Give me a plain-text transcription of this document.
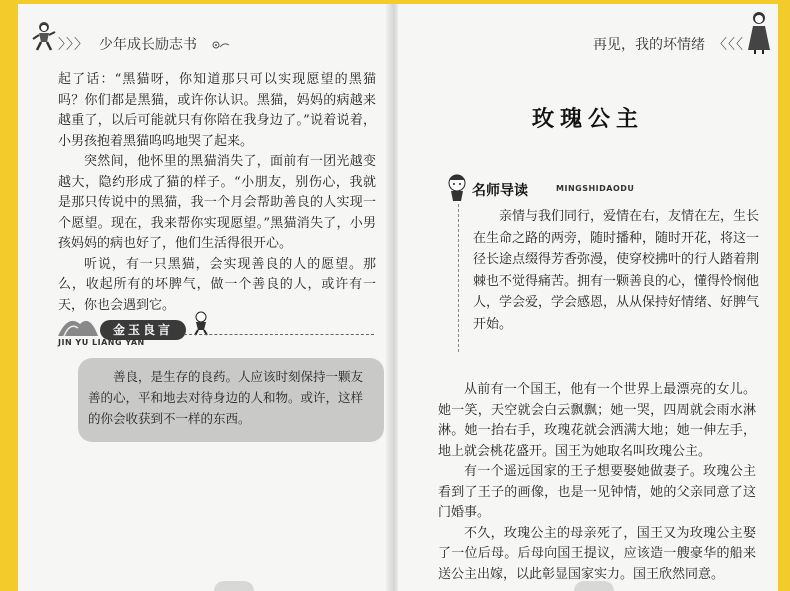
〉〉〉 少年成长励志书

起了话：“黑猫呀，你知道那只可以实现愿望的黑猫吗？你们都是黑猫，或许你认识。黑猫，妈妈的病越来越重了，以后可能就只有你陪在我身边了。”说着说着，小男孩抱着黑猫呜呜地哭了起来。

突然间，他怀里的黑猫消失了，面前有一团光越变越大，隐约形成了猫的样子。“小朋友，别伤心，我就是那只传说中的黑猫，我一个月会帮助善良的人实现一个愿望。现在，我来帮你实现愿望。”黑猫消失了，小男孩妈妈的病也好了，他们生活得很开心。

听说，有一只黑猫，会实现善良的人的愿望。那么，收起所有的坏脾气，做一个善良的人，或许有一天，你也会遇到它。

金玉良言
JIN YU LIANG YAN

善良，是生存的良药。人应该时刻保持一颗友善的心，平和地去对待身边的人和物。或许，这样的你会收获到不一样的东西。

再见，我的坏情绪 〈〈〈
玫瑰公主
名师导读	MINGSHIDAODU

亲情与我们同行，爱情在右，友情在左，生长在生命之路的两旁，随时播种，随时开花，将这一径长途点缀得芳香弥漫，使穿校拂叶的行人踏着荆棘也不觉得痛苦。拥有一颗善良的心，懂得怜悯他人，学会爱，学会感恩，从从保持好情绪、好脾气开始。

从前有一个国王，他有一个世界上最漂亮的女儿。她一笑，天空就会白云飘飘；她一哭，四周就会雨水淋淋。她一抬右手，玫瑰花就会洒满大地；她一伸左手，地上就会桃花盛开。国王为她取名叫玫瑰公主。

有一个遥远国家的王子想要娶她做妻子。玫瑰公主看到了王子的画像，也是一见钟情，她的父亲同意了这门婚事。

不久，玫瑰公主的母亲死了，国王又为玫瑰公主娶了一位后母。后母向国王提议，应该造一艘豪华的船来送公主出嫁，以此彰显国家实力。国王欣然同意。
